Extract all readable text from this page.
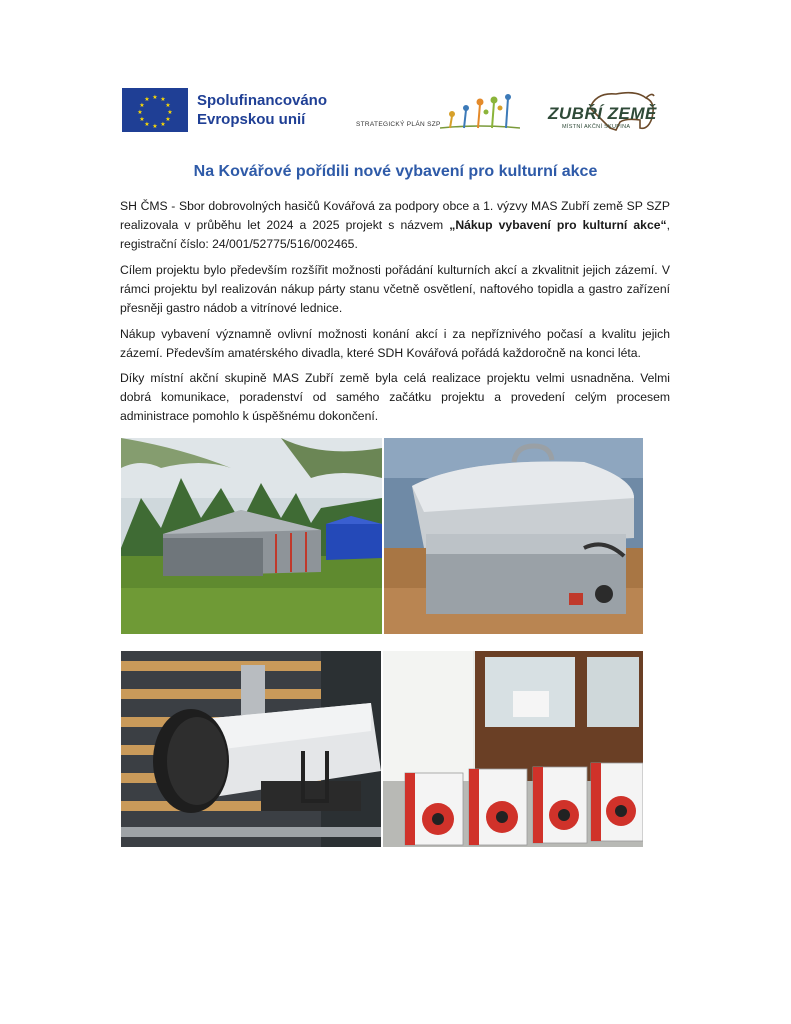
★ ★
★
★
★
★
★
★
★
★
★
★	Spolufinancováno
Evropskou unií	STRATEGICKÝ PLÁN SZP
ZUBŘÍ ZEMĚ
MÍSTNÍ AKČNÍ SKUPINA
Na Kovářové pořídili nové vybavení pro kulturní akce

SH ČMS - Sbor dobrovolných hasičů Kovářová za podpory obce a 1. výzvy MAS Zubří země SP SZP realizovala v průběhu let 2024 a 2025 projekt s názvem „Nákup vybavení pro kulturní akce“, registrační číslo: 24/001/52775/516/002465.

Cílem projektu bylo především rozšířit možnosti pořádání kulturních akcí a zkvalitnit jejich zázemí. V rámci projektu byl realizován nákup párty stanu včetně osvětlení, naftového topidla a gastro zařízení přesněji gastro nádob a vitrínové lednice.

Nákup vybavení významně ovlivní možnosti konání akcí i za nepříznivého počasí a kvalitu jejich zázemí. Především amatérského divadla, které SDH Kovářová pořádá každoročně na konci léta.

Díky místní akční skupině MAS Zubří země byla celá realizace projektu velmi usnadněna. Velmi dobrá komunikace, poradenství od samého začátku projektu a provedení celým procesem administrace pomohlo k úspěšnému dokončení.
